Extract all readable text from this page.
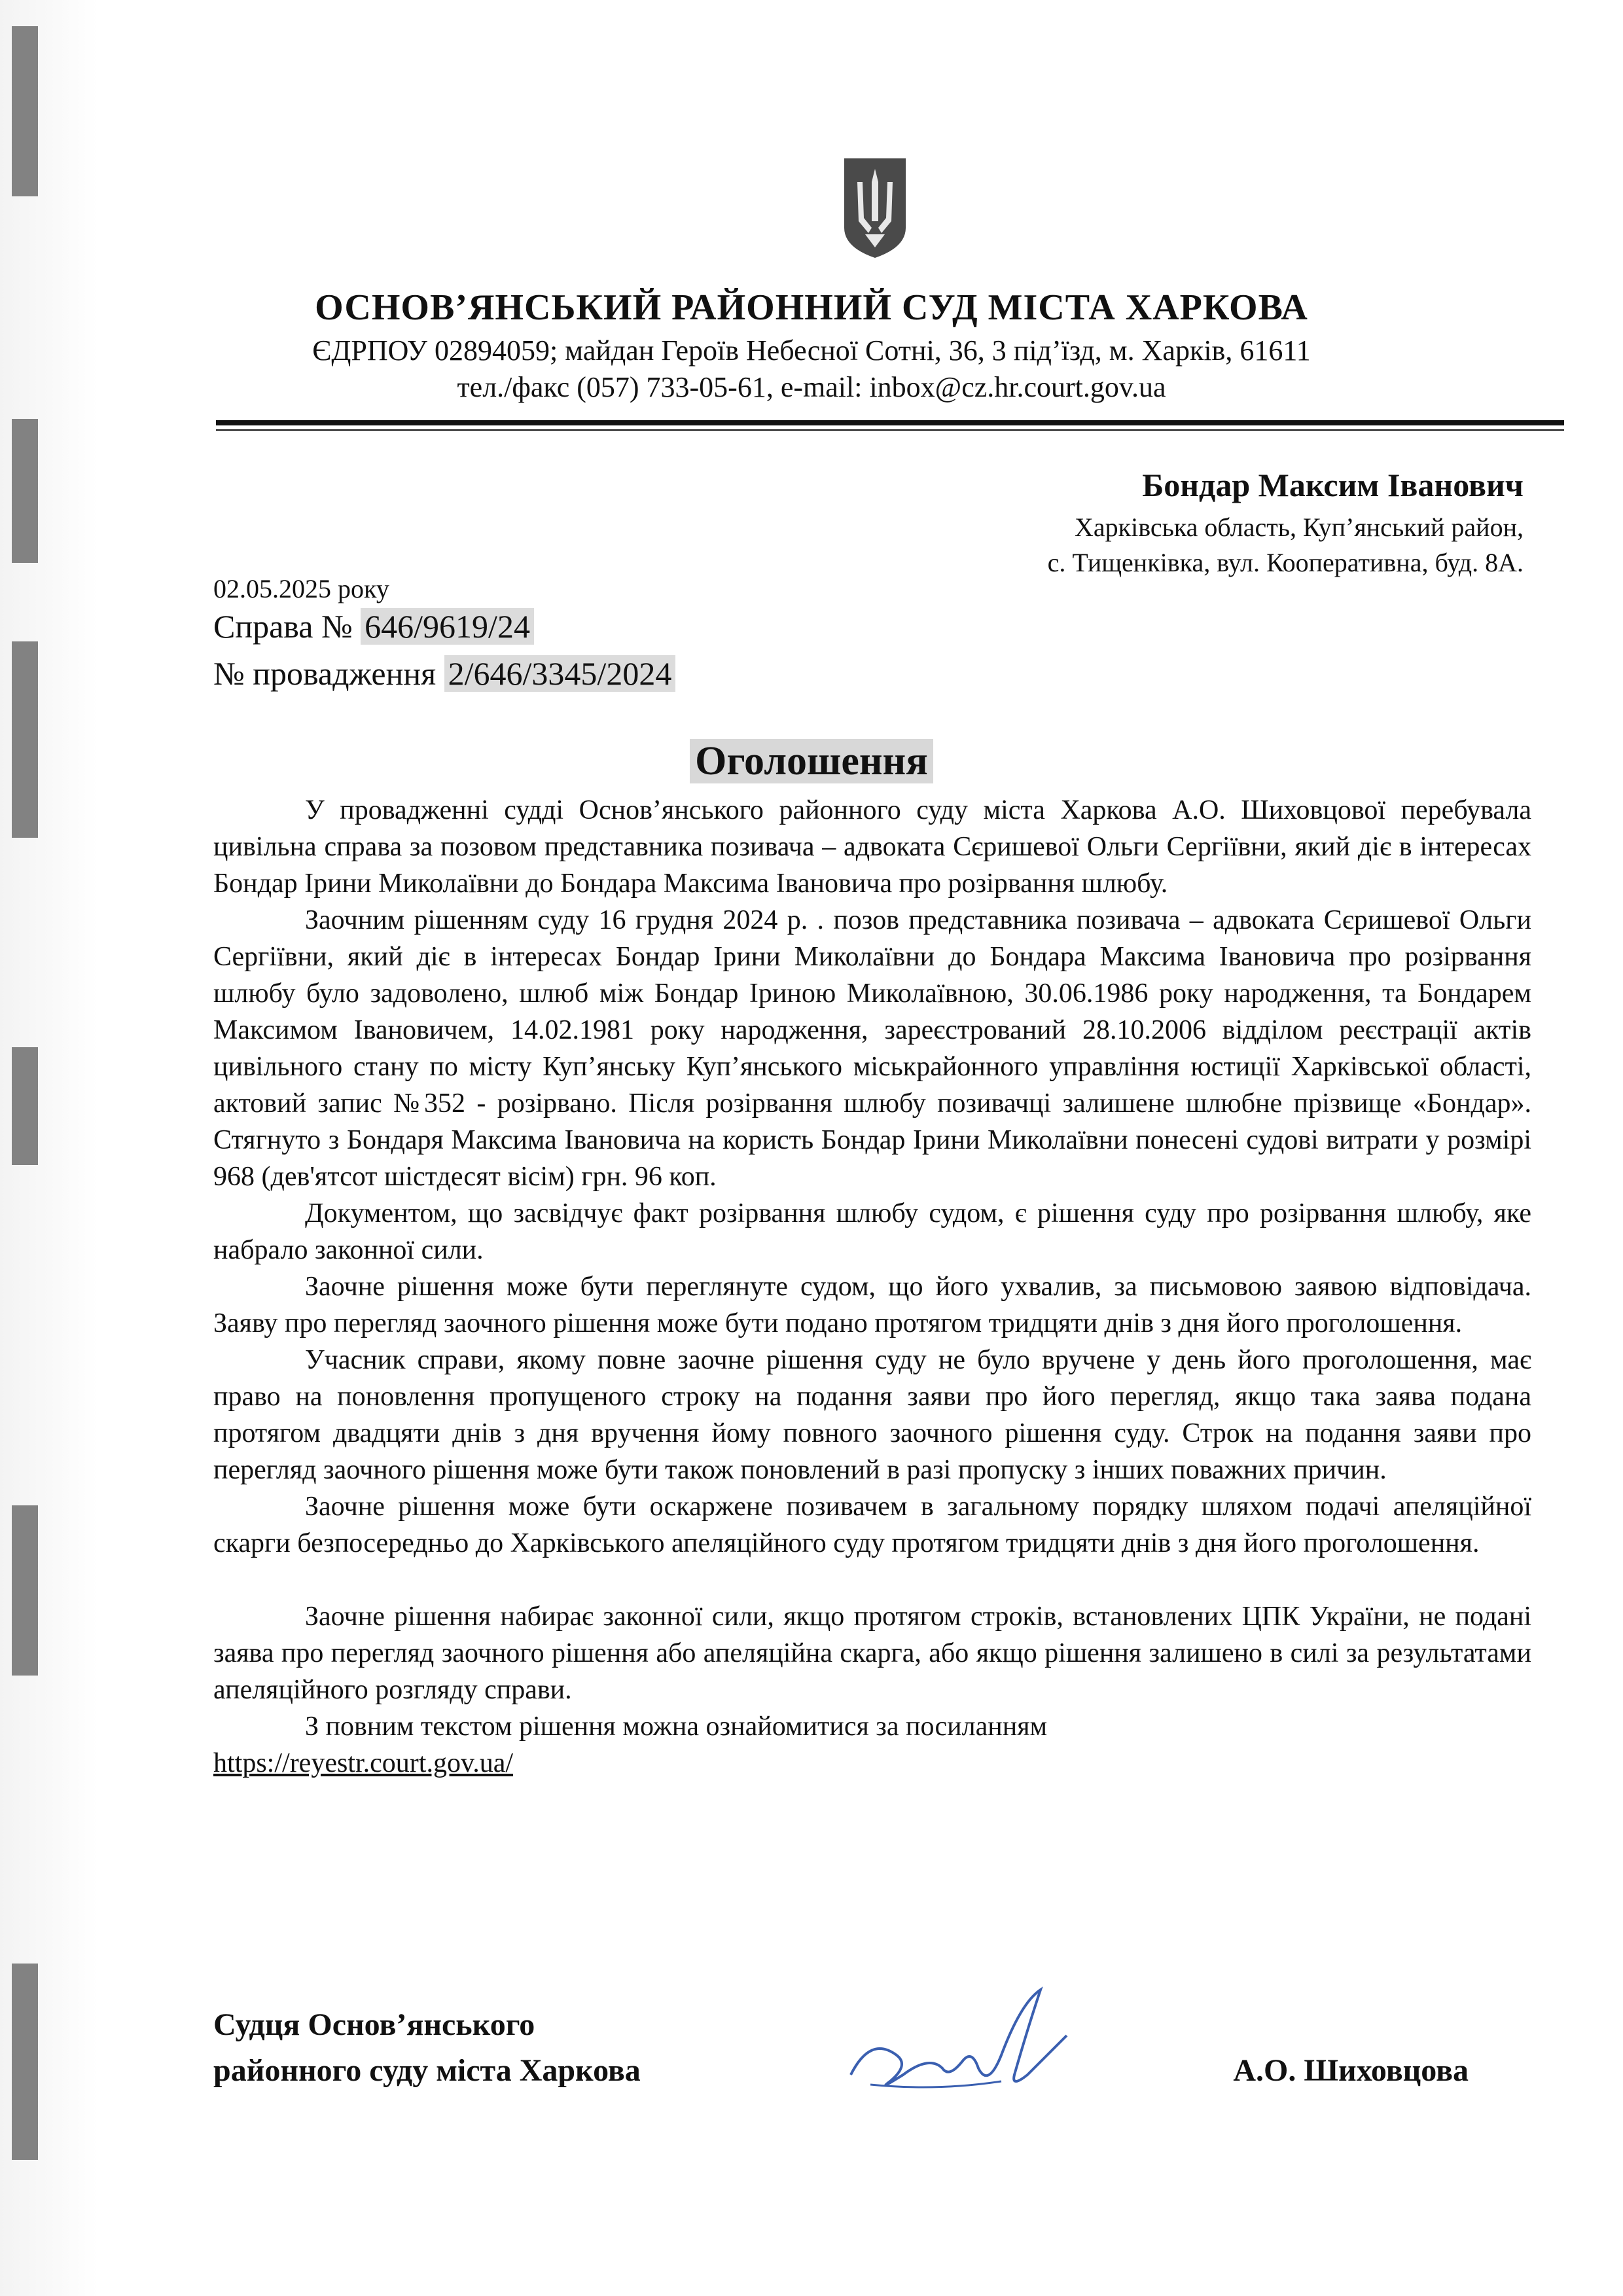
ОСНОВ’ЯНСЬКИЙ РАЙОННИЙ СУД МІСТА ХАРКОВА
ЄДРПОУ 02894059; майдан Героїв Небесної Сотні, 36, 3 під’їзд, м. Харків, 61611
тел./факс (057) 733-05-61, e-mail: inbox@cz.hr.court.gov.ua
Бондар Максим Іванович
Харківська область, Куп’янський район,
с. Тищенківка, вул. Кооперативна, буд. 8А.
02.05.2025 року
Справа № 646/9619/24
№ провадження 2/646/3345/2024
Оголошення

У провадженні судді Основ’янського районного суду міста Харкова А.О. Шиховцової перебувала цивільна справа за позовом представника позивача – адвоката Сєришевої Ольги Сергіївни, який діє в інтересах Бондар Ірини Миколаївни до Бондара Максима Івановича про розірвання шлюбу.

Заочним рішенням суду 16 грудня 2024 р. . позов представника позивача – адвоката Сєришевої Ольги Сергіївни, який діє в інтересах Бондар Ірини Миколаївни до Бондара Максима Івановича про розірвання шлюбу було задоволено, шлюб між Бондар Іриною Миколаївною, 30.06.1986 року народження, та Бондарем Максимом Івановичем, 14.02.1981 року народження, зареєстрований 28.10.2006 відділом реєстрації актів цивільного стану по місту Куп’янську Куп’янського міськрайонного управління юстиції Харківської області, актовий запис №352 - розірвано. Після розірвання шлюбу позивачці залишене шлюбне прізвище «Бондар». Стягнуто з Бондаря Максима Івановича на користь Бондар Ірини Миколаївни понесені судові витрати у розмірі 968 (дев'ятсот шістдесят вісім) грн. 96 коп.

Документом, що засвідчує факт розірвання шлюбу судом, є рішення суду про розірвання шлюбу, яке набрало законної сили.

Заочне рішення може бути переглянуте судом, що його ухвалив, за письмовою заявою відповідача. Заяву про перегляд заочного рішення може бути подано протягом тридцяти днів з дня його проголошення.

Учасник справи, якому повне заочне рішення суду не було вручене у день його проголошення, має право на поновлення пропущеного строку на подання заяви про його перегляд, якщо така заява подана протягом двадцяти днів з дня вручення йому повного заочного рішення суду. Строк на подання заяви про перегляд заочного рішення може бути також поновлений в разі пропуску з інших поважних причин.

Заочне рішення може бути оскаржене позивачем в загальному порядку шляхом подачі апеляційної скарги безпосередньо до Харківського апеляційного суду протягом тридцяти днів з дня його проголошення.

Заочне рішення набирає законної сили, якщо протягом строків, встановлених ЦПК України, не подані заява про перегляд заочного рішення або апеляційна скарга, або якщо рішення залишено в силі за результатами апеляційного розгляду справи.

З повним текстом рішення можна ознайомитися за посиланням

https://reyestr.court.gov.ua/
Судця Основ’янського
районного суду міста Харкова	А.О. Шиховцова
